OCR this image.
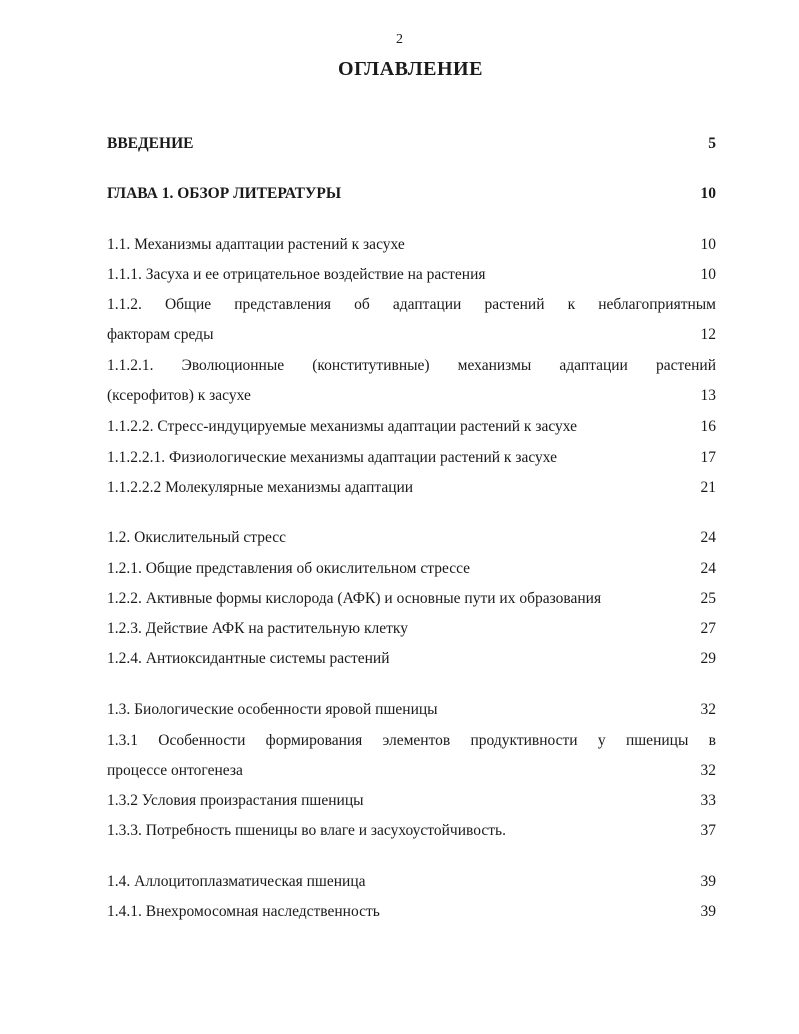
2
ОГЛАВЛЕНИЕ
ВВЕДЕНИЕ	5
ГЛАВА 1. ОБЗОР ЛИТЕРАТУРЫ	10
1.1. Механизмы адаптации растений к засухе	10
1.1.1. Засуха и ее отрицательное воздействие на растения	10
1.1.2. Общие представления об адаптации растений к неблагоприятным
факторам среды	12
1.1.2.1. Эволюционные (конститутивные) механизмы адаптации растений
(ксерофитов) к засухе	13
1.1.2.2. Стресс-индуцируемые механизмы адаптации растений к засухе	16
1.1.2.2.1. Физиологические механизмы адаптации растений к засухе	17
1.1.2.2.2 Молекулярные механизмы адаптации	21
1.2. Окислительный стресс	24
1.2.1. Общие представления об окислительном стрессе	24
1.2.2. Активные формы кислорода (АФК) и основные пути их образования	25
1.2.3. Действие АФК на растительную клетку	27
1.2.4. Антиоксидантные системы растений	29
1.3. Биологические особенности яровой пшеницы	32
1.3.1 Особенности формирования элементов продуктивности у пшеницы в
процессе онтогенеза	32
1.3.2 Условия произрастания пшеницы	33
1.3.3. Потребность пшеницы во влаге и засухоустойчивость.	37
1.4. Аллоцитоплазматическая пшеница	39
1.4.1. Внехромосомная наследственность	39
